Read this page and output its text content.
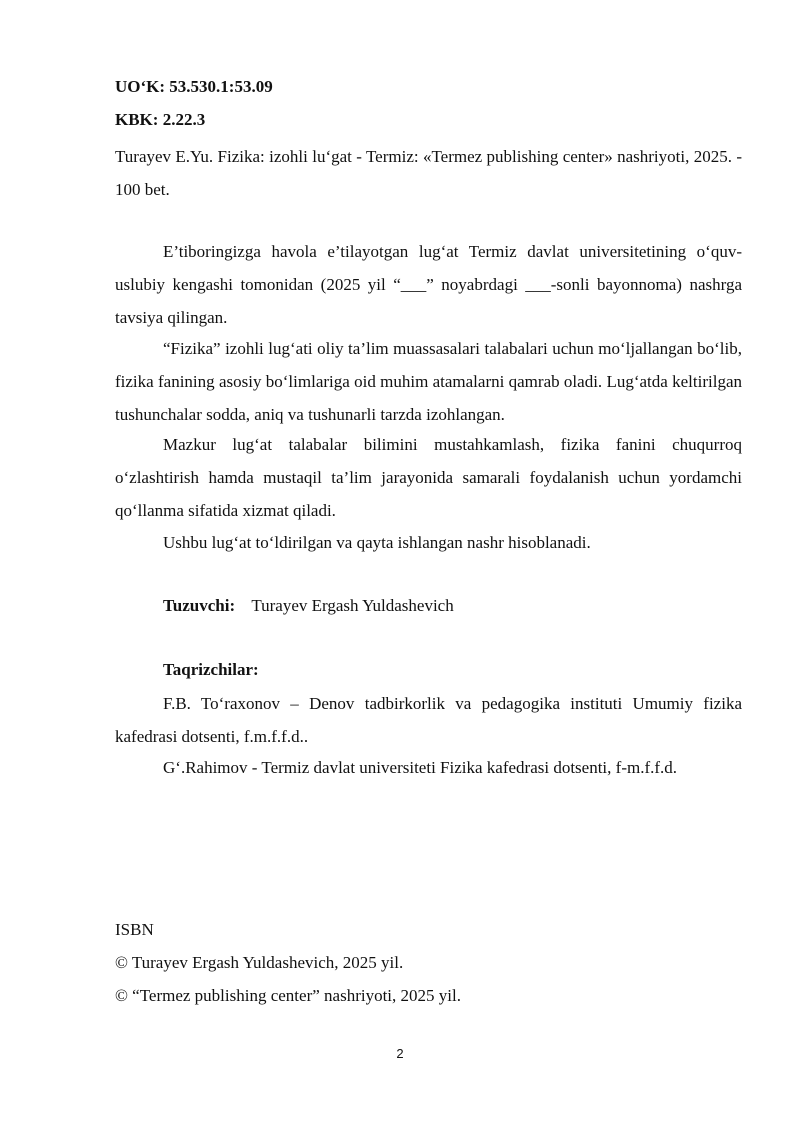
UO‘K: 53.530.1:53.09
KBK: 2.22.3
Turayev E.Yu. Fizika: izohli lu‘gat - Termiz: «Termez publishing center» nashriyoti, 2025. - 100 bet.
E’tiboringizga havola e’tilayotgan lug‘at Termiz davlat universitetining o‘quv-uslubiy kengashi tomonidan (2025 yil “___” noyabrdagi ___-sonli bayonnoma) nashrga tavsiya qilingan.
“Fizika” izohli lug‘ati oliy ta’lim muassasalari talabalari uchun mo‘ljallangan bo‘lib, fizika fanining asosiy bo‘limlariga oid muhim atamalarni qamrab oladi. Lug‘atda keltirilgan tushunchalar sodda, aniq va tushunarli tarzda izohlangan.
Mazkur lug‘at talabalar bilimini mustahkamlash, fizika fanini chuqurroq o‘zlashtirish hamda mustaqil ta’lim jarayonida samarali foydalanish uchun yordamchi qo‘llanma sifatida xizmat qiladi.
Ushbu lug‘at to‘ldirilgan va qayta ishlangan nashr hisoblanadi.
Tuzuvchi: Turayev Ergash Yuldashevich
Taqrizchilar:
F.B. To‘raxonov – Denov tadbirkorlik va pedagogika instituti Umumiy fizika kafedrasi dotsenti, f.m.f.f.d..
G‘.Rahimov - Termiz davlat universiteti Fizika kafedrasi dotsenti, f-m.f.f.d.
ISBN
© Turayev Ergash Yuldashevich, 2025 yil.
© “Termez publishing center” nashriyoti, 2025 yil.
2
